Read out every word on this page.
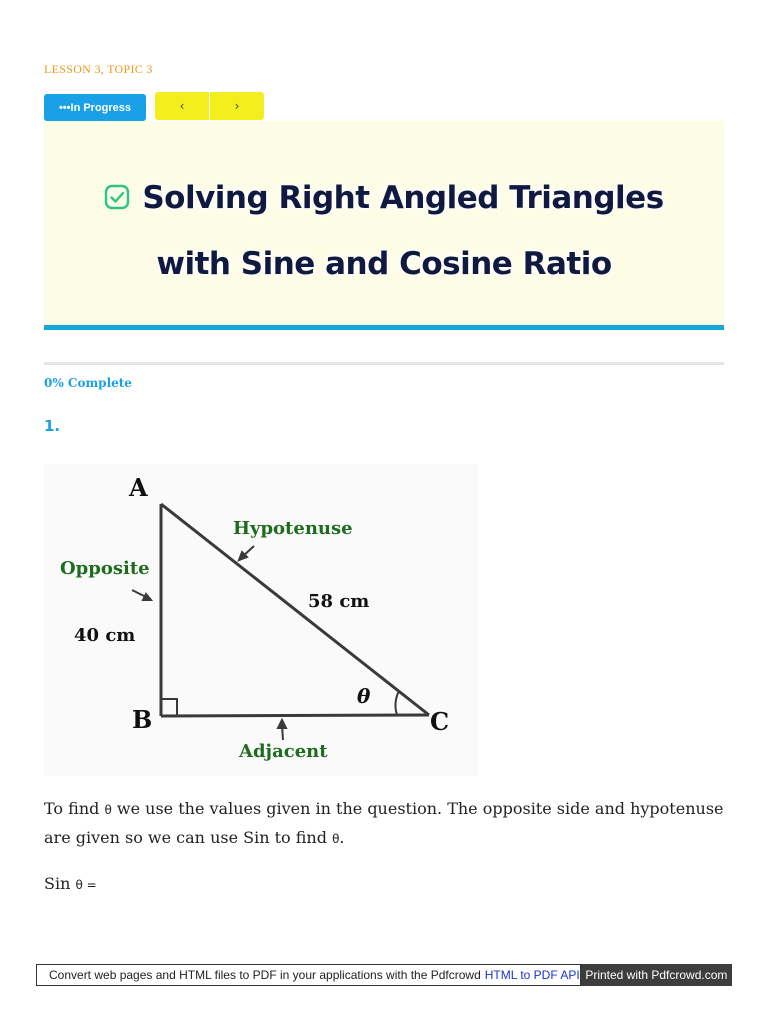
LESSON 3, TOPIC 3
•••In Progress	‹	›
Solving Right Angled Triangles
with Sine and Cosine Ratio
0% Complete
1.
A
B	C
Hypotenuse
Opposite
Adjacent
58 cm
40 cm
θ
To find θ we use the values given in the question. The opposite side and hypotenuse are given so we can use Sin to find θ.
Sin θ =
Convert web pages and HTML files to PDF in your applications with the Pdfcrowd HTML to PDF API Printed with Pdfcrowd.com
